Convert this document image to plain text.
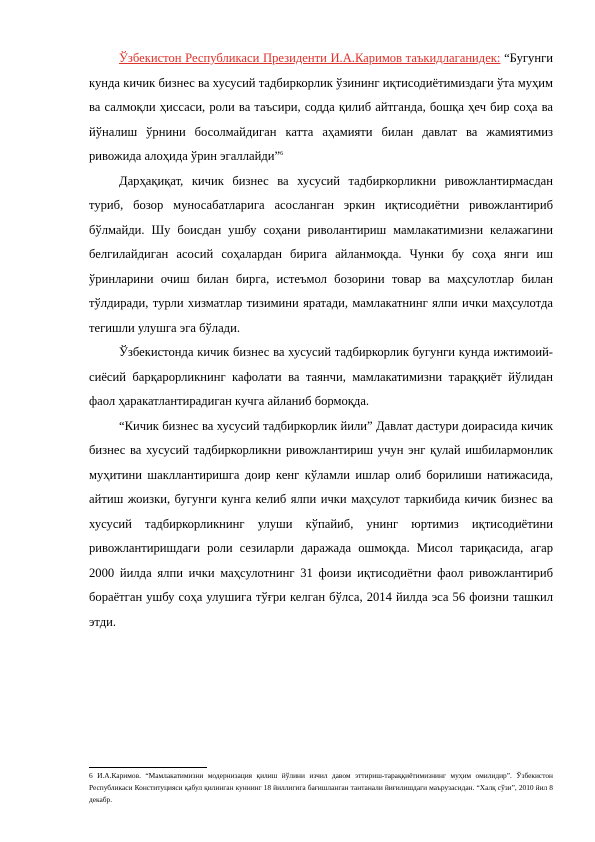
Ўзбекистон Республикаси Президенти И.А.Каримов таъкидлаганидек: “Бугунги кунда кичик бизнес ва хусусий тадбиркорлик ўзининг иқтисодиётимиздаги ўта муҳим ва салмоқли ҳиссаси, роли ва таъсири, содда қилиб айтганда, бошқа ҳеч бир соҳа ва йўналиш ўрнини босолмайдиган катта аҳамияти билан давлат ва жамиятимиз ривожида алоҳида ўрин эгаллайди”$^6$

Дарҳақиқат, кичик бизнес ва хусусий тадбиркорликни ривожлантирмасдан туриб, бозор муносабатларига асосланган эркин иқтисодиётни ривожлантириб бўлмайди. Шу боисдан ушбу соҳани риволантириш мамлакатимизни келажагини белгилайдиган асосий соҳалардан бирига айланмоқда. Чунки бу соҳа янги иш ўринларини очиш билан бирга, истеъмол бозорини товар ва маҳсулотлар билан тўлдиради, турли хизматлар тизимини яратади, мамлакатнинг ялпи ички маҳсулотда тегишли улушга эга бўлади.

Ўзбекистонда кичик бизнес ва хусусий тадбиркорлик бугунги кунда ижтимоий-сиёсий барқарорликнинг кафолати ва таянчи, мамлакатимизни тараққиёт йўлидан фаол ҳаракатлантирадиган кучга айланиб бормоқда.

“Кичик бизнес ва хусусий тадбиркорлик йили” Давлат дастури доирасида кичик бизнес ва хусусий тадбиркорликни ривожлантириш учун энг қулай ишбилармонлик муҳитини шакллантиришга доир кенг кўламли ишлар олиб борилиши натижасида, айтиш жоизки, бугунги кунга келиб ялпи ички маҳсулот таркибида кичик бизнес ва хусусий тадбиркорликнинг улуши кўпайиб, унинг юртимиз иқтисодиётини ривожлантиришдаги роли сезиларли даражада ошмоқда. Мисол тариқасида, агар 2000 йилда ялпи ички маҳсулотнинг 31 фоизи иқтисодиётни фаол ривожлантириб бораётган ушбу соҳа улушига тўғри келган бўлса, 2014 йилда эса 56 фоизни ташкил этди.

6 И.А.Каримов. “Мамлакатимизни модернизация қилиш йўлини изчил давом эттириш-тараққиётимизнинг муҳим омилидир”. Ўзбекистон Республикаси Конституцияси қабул қилинган куннинг 18 йиллигига бағишланган тантанали йиғилишдаги маърузасидан. “Халқ сўзи”, 2010 йил 8 декабр.
